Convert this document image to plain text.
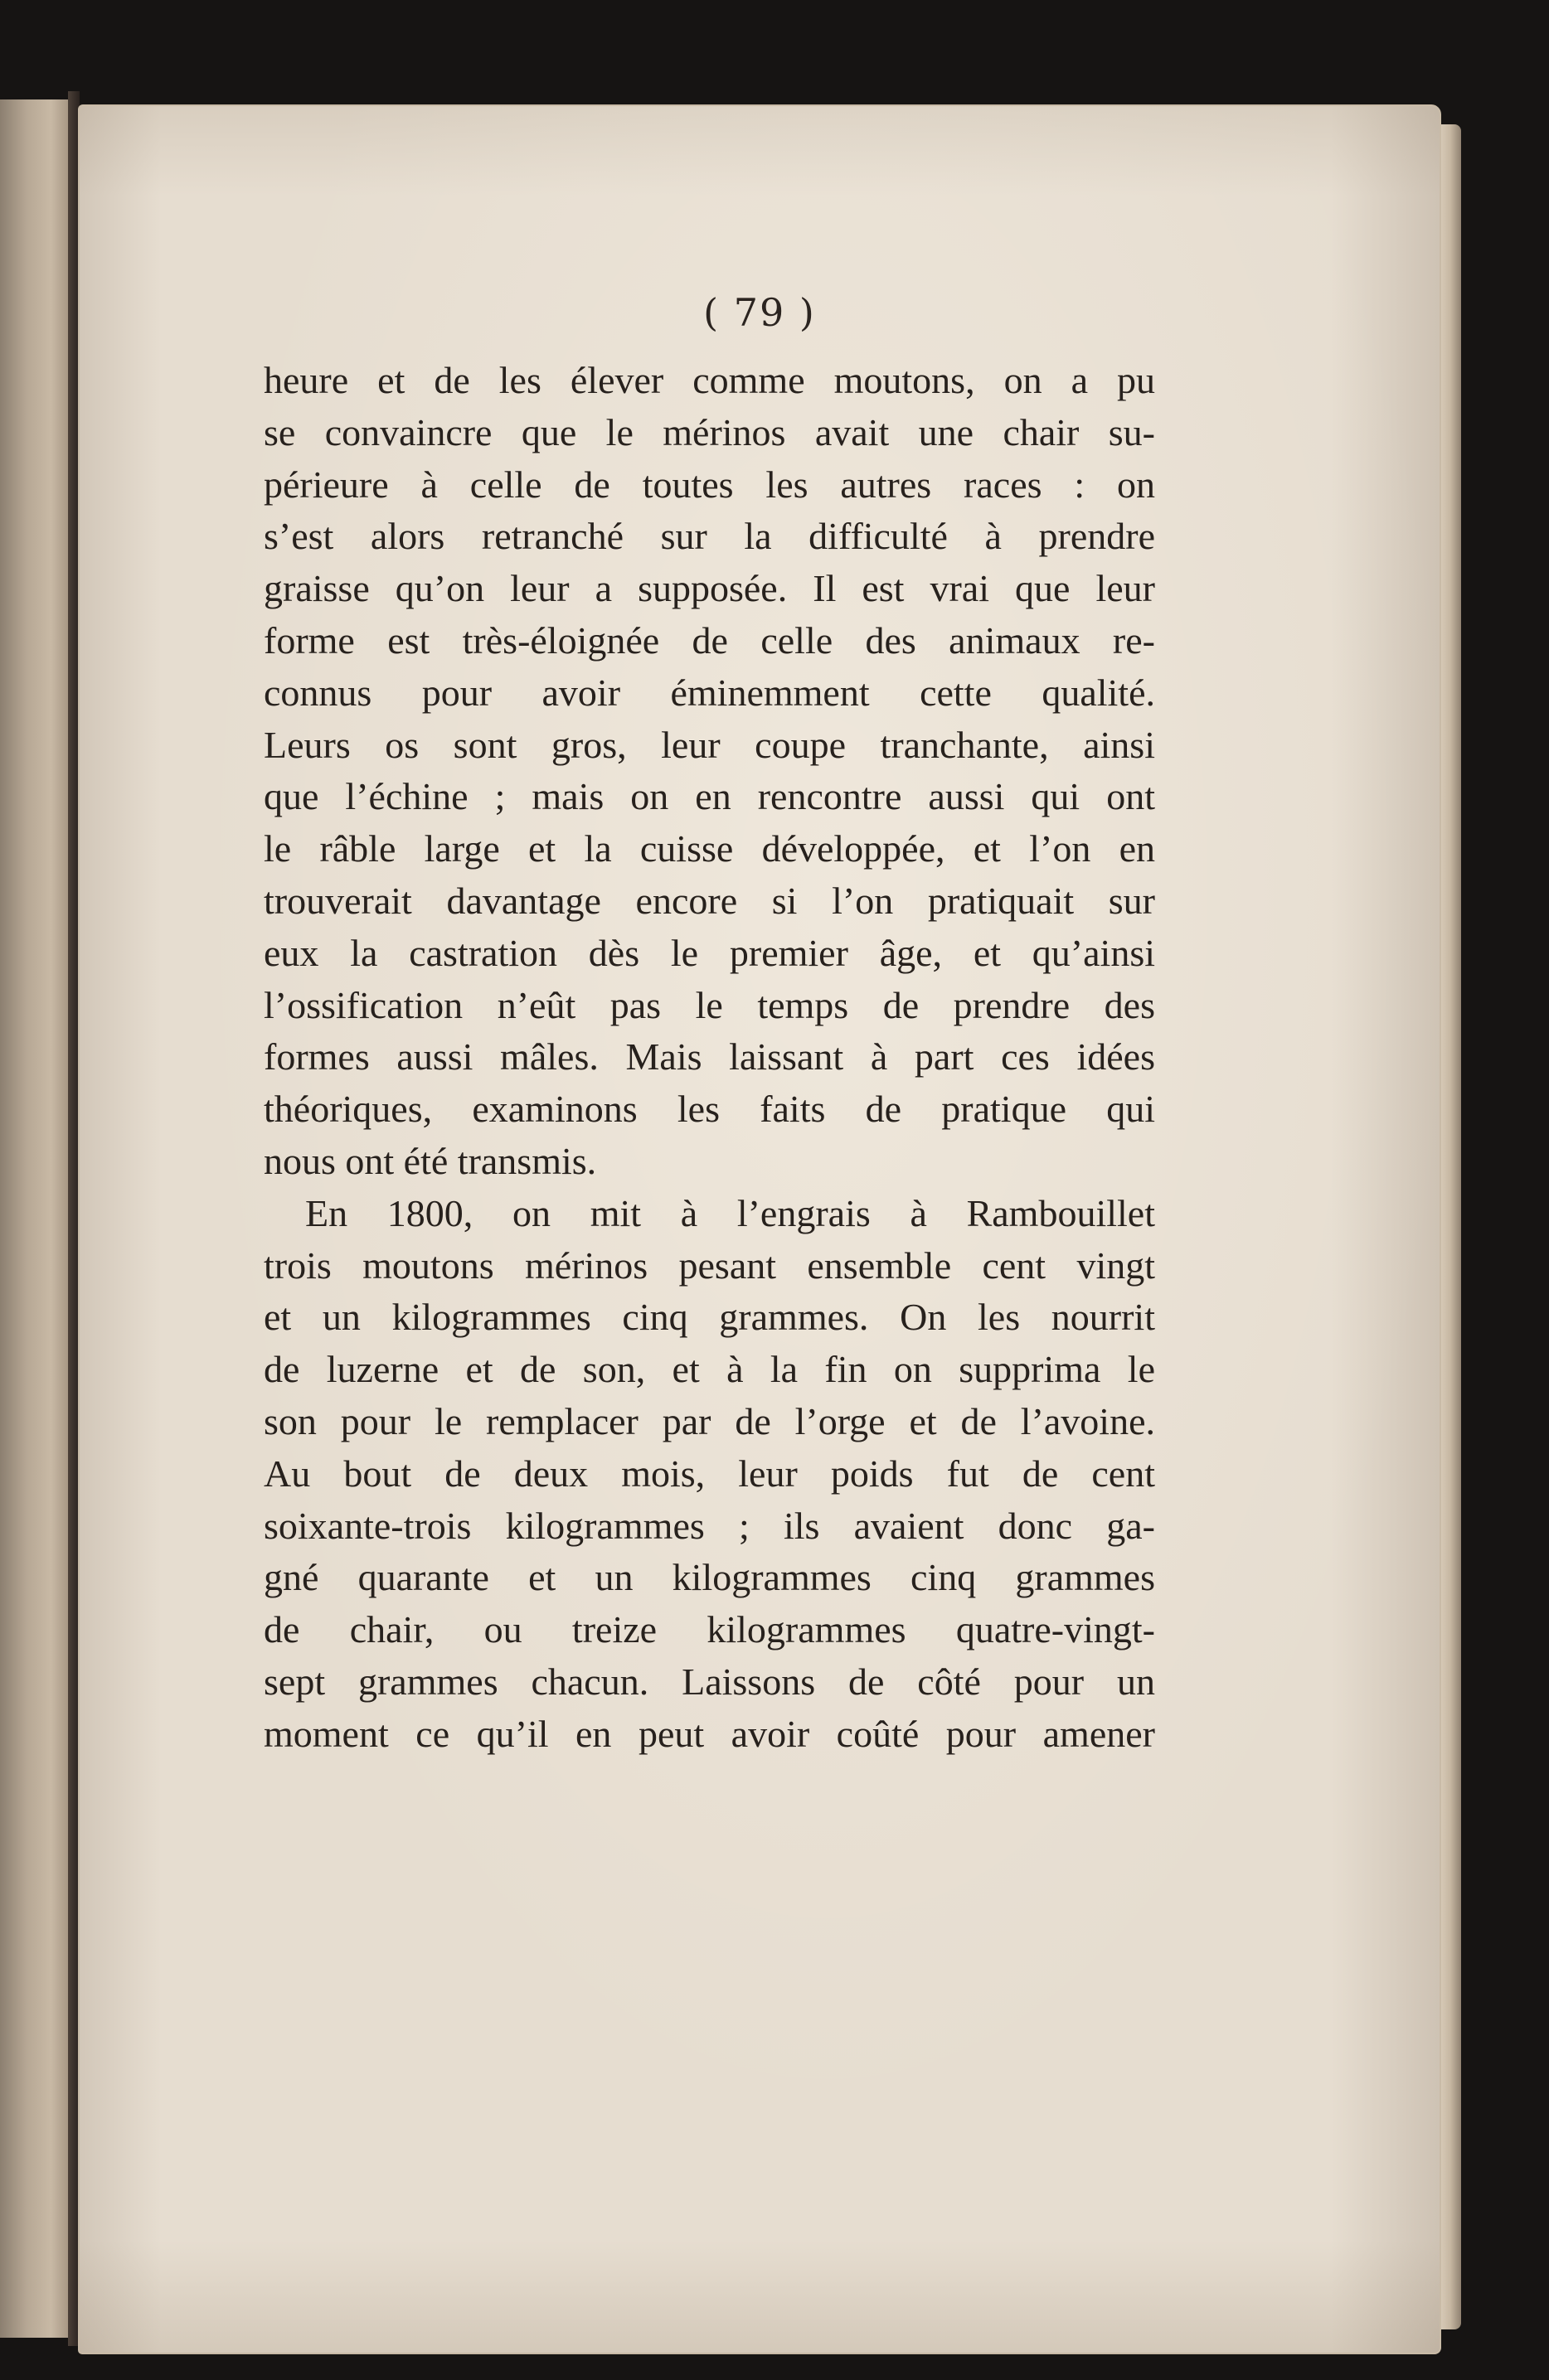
( 79 )
heure et de les élever comme moutons, on a pu
se convaincre que le mérinos avait une chair su-
périeure à celle de toutes les autres races : on
s’est alors retranché sur la difficulté à prendre
graisse qu’on leur a supposée. Il est vrai que leur
forme est très-éloignée de celle des animaux re-
connus pour avoir éminemment cette qualité.
Leurs os sont gros, leur coupe tranchante, ainsi
que l’échine ; mais on en rencontre aussi qui ont
le râble large et la cuisse développée, et l’on en
trouverait davantage encore si l’on pratiquait sur
eux la castration dès le premier âge, et qu’ainsi
l’ossification n’eût pas le temps de prendre des
formes aussi mâles. Mais laissant à part ces idées
théoriques, examinons les faits de pratique qui
nous ont été transmis.
En 1800, on mit à l’engrais à Rambouillet
trois moutons mérinos pesant ensemble cent vingt
et un kilogrammes cinq grammes. On les nourrit
de luzerne et de son, et à la fin on supprima le
son pour le remplacer par de l’orge et de l’avoine.
Au bout de deux mois, leur poids fut de cent
soixante-trois kilogrammes ; ils avaient donc ga-
gné quarante et un kilogrammes cinq grammes
de chair, ou treize kilogrammes quatre-vingt-
sept grammes chacun. Laissons de côté pour un
moment ce qu’il en peut avoir coûté pour amener
